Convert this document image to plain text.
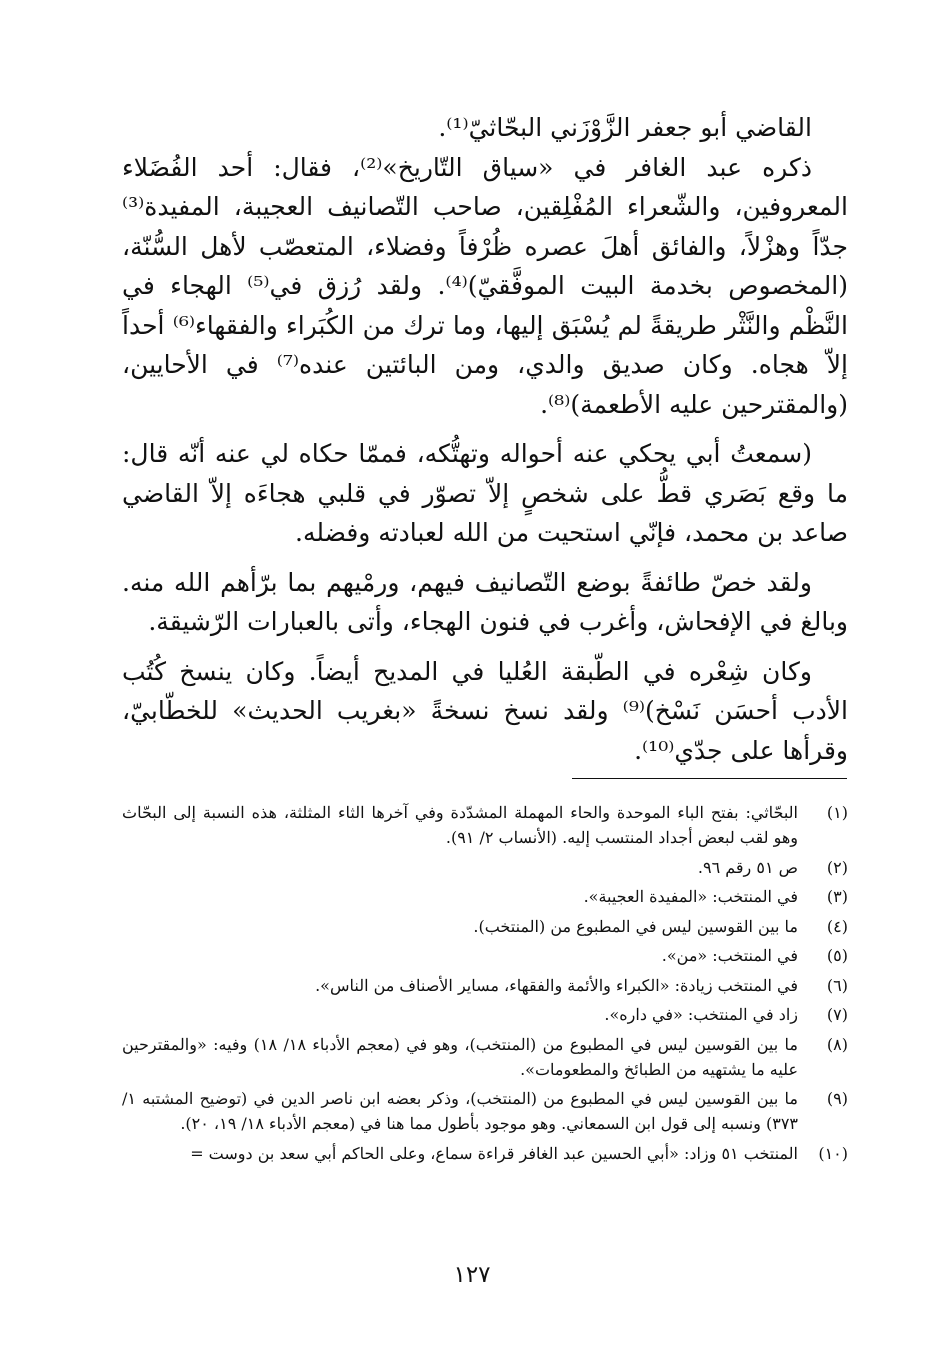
القاضي أبو جعفر الزَّوْزَني البحّاثيّ⁽¹⁾.

ذكره عبد الغافر في «سياق التّاريخ»⁽²⁾، فقال: أحد الفُضَلاء المعروفين، والشّعراء المُفْلِقين، صاحب التّصانيف العجيبة، المفيدة⁽³⁾ جدّاً وهزْلاً، والفائق أهلَ عصره ظُرْفاً وفضلاء، المتعصّب لأهل السُّنّة، (المخصوص بخدمة البيت الموفَّقيّ)⁽⁴⁾. ولقد رُزق في⁽⁵⁾ الهجاء في النَّظْم والنَّثْر طريقةً لم يُسْبَق إليها، وما ترك من الكُبَراء والفقهاء⁽⁶⁾ أحداً إلاّ هجاه. وكان صديق والدي، ومن البائتين عنده⁽⁷⁾ في الأحايين، (والمقترحين عليه الأطعمة)⁽⁸⁾.

(سمعتُ أبي يحكي عنه أحواله وتهتُّكه، فممّا حكاه لي عنه أنّه قال: ما وقع بَصَري قطُّ على شخصٍ إلاّ تصوّر في قلبي هجاءَه إلاّ القاضي صاعد بن محمد، فإنّي استحيت من الله لعبادته وفضله.

ولقد خصّ طائفةً بوضع التّصانيف فيهم، ورمْيهم بما برّأهم الله منه. وبالغ في الإفحاش، وأغرب في فنون الهجاء، وأتى بالعبارات الرّشيقة.

وكان شِعْره في الطّبقة العُليا في المديح أيضاً. وكان ينسخ كُتُب الأدب أحسَن نَسْخ)⁽⁹⁾ ولقد نسخ نسخةً «بغريب الحديث» للخطّابيّ، وقرأها على جدّي⁽¹⁰⁾.

(١)
البحّاثي: بفتح الباء الموحدة والحاء المهملة المشدّدة وفي آخرها الثاء المثلثة، هذه النسبة إلى البحّاث وهو لقب لبعض أجداد المنتسب إليه. (الأنساب ٢/ ٩١).
(٢)
ص ٥١ رقم ٩٦.
(٣)
في المنتخب: «المفيدة العجيبة».
(٤)
ما بين القوسين ليس في المطبوع من (المنتخب).
(٥)
في المنتخب: «من».
(٦)
في المنتخب زيادة: «الكبراء والأئمة والفقهاء، مساير الأصناف من الناس».
(٧)
زاد في المنتخب: «في داره».
(٨)
ما بين القوسين ليس في المطبوع من (المنتخب)، وهو في (معجم الأدباء ١٨/ ١٨) وفيه: «والمقترحين عليه ما يشتهيه من الطبائخ والمطعومات».
(٩)
ما بين القوسين ليس في المطبوع من (المنتخب)، وذكر بعضه ابن ناصر الدين في (توضيح المشتبه ١/ ٣٧٣) ونسبه إلى قول ابن السمعاني. وهو موجود بأطول مما هنا في (معجم الأدباء ١٨/ ١٩، ٢٠).
(١٠)
المنتخب ٥١ وزاد: «أبي الحسين عبد الغافر قراءة سماع، وعلى الحاكم أبي سعد بن دوست =
١٢٧
